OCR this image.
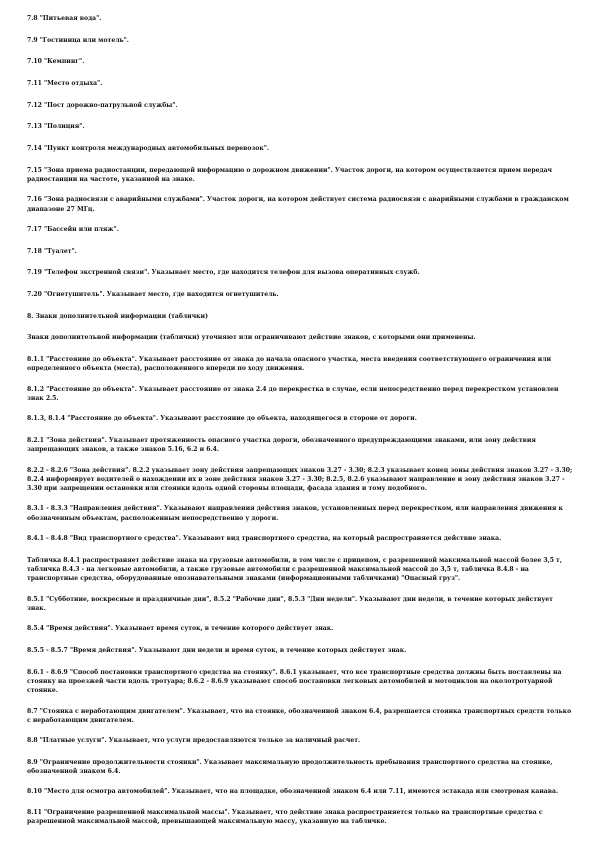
7.8 "Питьевая вода".

7.9 "Гостиница или мотель".

7.10 "Кемпинг".

7.11 "Место отдыха".

7.12 "Пост дорожно-патрульной службы".

7.13 "Полиция".

7.14 "Пункт контроля международных автомобильных перевозок".

7.15 "Зона приема радиостанции, передающей информацию о дорожном движении". Участок дороги, на котором осуществляется прием передач радиостанции на частоте, указанной на знаке.

7.16 "Зона радиосвязи с аварийными службами". Участок дороги, на котором действует система радиосвязи с аварийными службами в гражданском диапазоне 27 МГц.

7.17 "Бассейн или пляж".

7.18 "Туалет".

7.19 "Телефон экстренной связи". Указывает место, где находится телефон для вызова оперативных служб.

7.20 "Огнетушитель". Указывает место, где находится огнетушитель.

8. Знаки дополнительной информации (таблички)

Знаки дополнительной информации (таблички) уточняют или ограничивают действие знаков, с которыми они применены.

8.1.1 "Расстояние до объекта". Указывает расстояние от знака до начала опасного участка, места введения соответствующего ограничения или определенного объекта (места), расположенного впереди по ходу движения.

8.1.2 "Расстояние до объекта". Указывает расстояние от знака 2.4 до перекрестка в случае, если непосредственно перед перекрестком установлен знак 2.5.

8.1.3, 8.1.4 "Расстояние до объекта". Указывают расстояние до объекта, находящегося в стороне от дороги.

8.2.1 "Зона действия". Указывает протяженность опасного участка дороги, обозначенного предупреждающими знаками, или зону действия запрещающих знаков, а также знаков 5.16, 6.2 и 6.4.

8.2.2 - 8.2.6 "Зона действия". 8.2.2 указывает зону действия запрещающих знаков 3.27 - 3.30; 8.2.3 указывает конец зоны действия знаков 3.27 - 3.30; 8.2.4 информирует водителей о нахождении их в зоне действия знаков 3.27 - 3.30; 8.2.5, 8.2.6 указывают направление и зону действия знаков 3.27 - 3.30 при запрещении остановки или стоянки вдоль одной стороны площади, фасада здания и тому подобного.

8.3.1 - 8.3.3 "Направления действия". Указывают направления действия знаков, установленных перед перекрестком, или направления движения к обозначенным объектам, расположенным непосредственно у дороги.

8.4.1 - 8.4.8 "Вид транспортного средства". Указывают вид транспортного средства, на который распространяется действие знака.

Табличка 8.4.1 распространяет действие знака на грузовые автомобили, в том числе с прицепом, с разрешенной максимальной массой более 3,5 т, табличка 8.4.3 - на легковые автомобили, а также грузовые автомобили с разрешенной максимальной массой до 3,5 т, табличка 8.4.8 - на транспортные средства, оборудованные опознавательными знаками (информационными табличками) "Опасный груз".

8.5.1 "Субботние, воскресные и праздничные дни", 8.5.2 "Рабочие дни", 8.5.3 "Дни недели". Указывают дни недели, в течение которых действует знак.

8.5.4 "Время действия". Указывает время суток, в течение которого действует знак.

8.5.5 - 8.5.7 "Время действия". Указывают дни недели и время суток, в течение которых действует знак.

8.6.1 - 8.6.9 "Способ постановки транспортного средства на стоянку". 8.6.1 указывает, что все транспортные средства должны быть поставлены на стоянку на проезжей части вдоль тротуара; 8.6.2 - 8.6.9 указывают способ постановки легковых автомобилей и мотоциклов на околотротуарной стоянке.

8.7 "Стоянка с неработающим двигателем". Указывает, что на стоянке, обозначенной знаком 6.4, разрешается стоянка транспортных средств только с неработающим двигателем.

8.8 "Платные услуги". Указывает, что услуги предоставляются только за наличный расчет.

8.9 "Ограничение продолжительности стоянки". Указывает максимальную продолжительность пребывания транспортного средства на стоянке, обозначенной знаком 6.4.

8.10 "Место для осмотра автомобилей". Указывает, что на площадке, обозначенной знаком 6.4 или 7.11, имеются эстакада или смотровая канава.

8.11 "Ограничение разрешенной максимальной массы". Указывает, что действие знака распространяется только на транспортные средства с разрешенной максимальной массой, превышающей максимальную массу, указанную на табличке.
